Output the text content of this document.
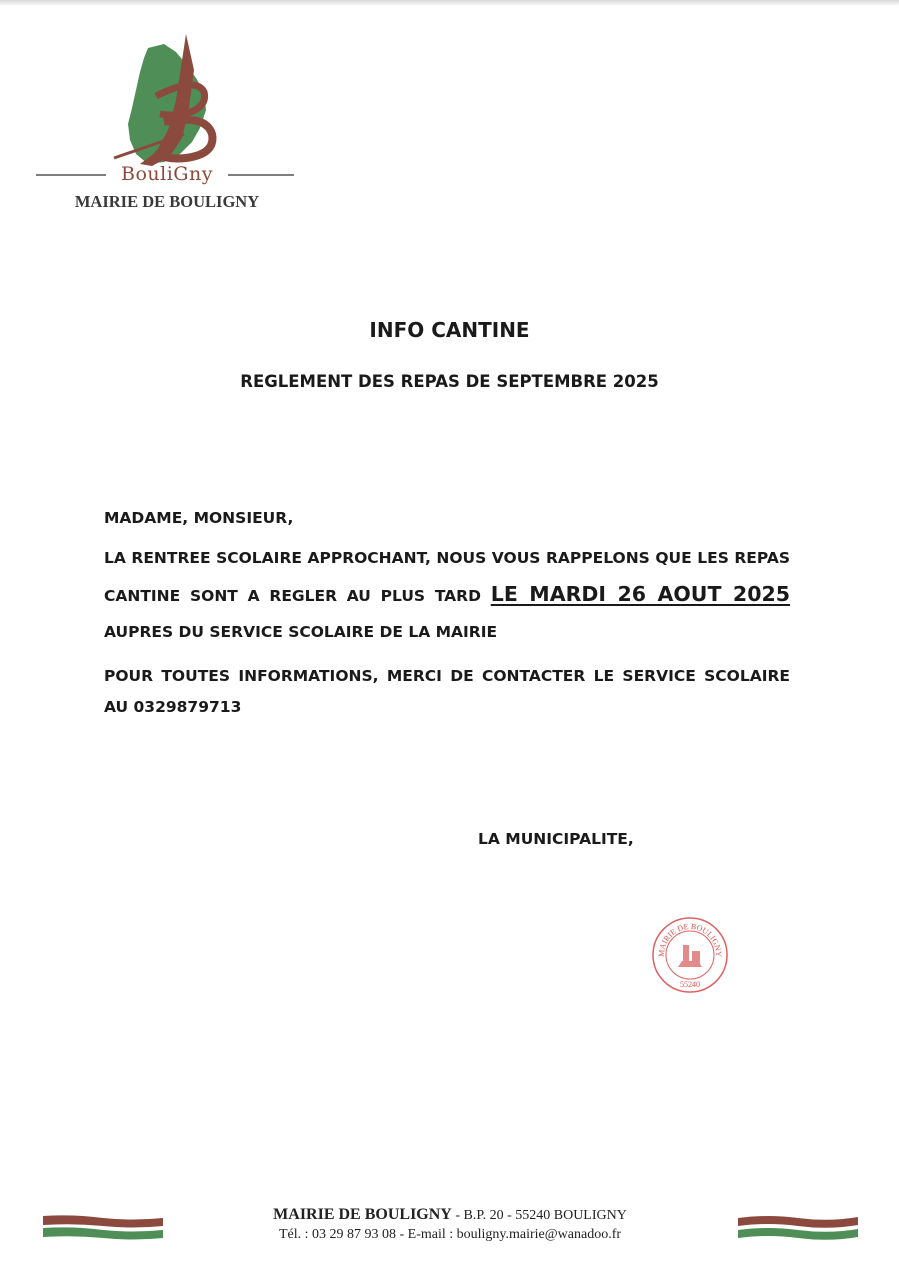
BouliGny
MAIRIE DE BOULIGNY
INFO CANTINE
REGLEMENT DES REPAS DE SEPTEMBRE 2025
MADAME, MONSIEUR,
LA RENTREE SCOLAIRE APPROCHANT, NOUS VOUS RAPPELONS QUE LES REPAS CANTINE SONT A REGLER AU PLUS TARD LE MARDI 26 AOUT 2025 AUPRES DU SERVICE SCOLAIRE DE LA MAIRIE
POUR TOUTES INFORMATIONS, MERCI DE CONTACTER LE SERVICE SCOLAIRE AU 0329879713
LA MUNICIPALITE,
MAIRIE DE BOULIGNY
55240
MAIRIE DE BOULIGNY - B.P. 20 - 55240 BOULIGNY
Tél. : 03 29 87 93 08 - E-mail : bouligny.mairie@wanadoo.fr
